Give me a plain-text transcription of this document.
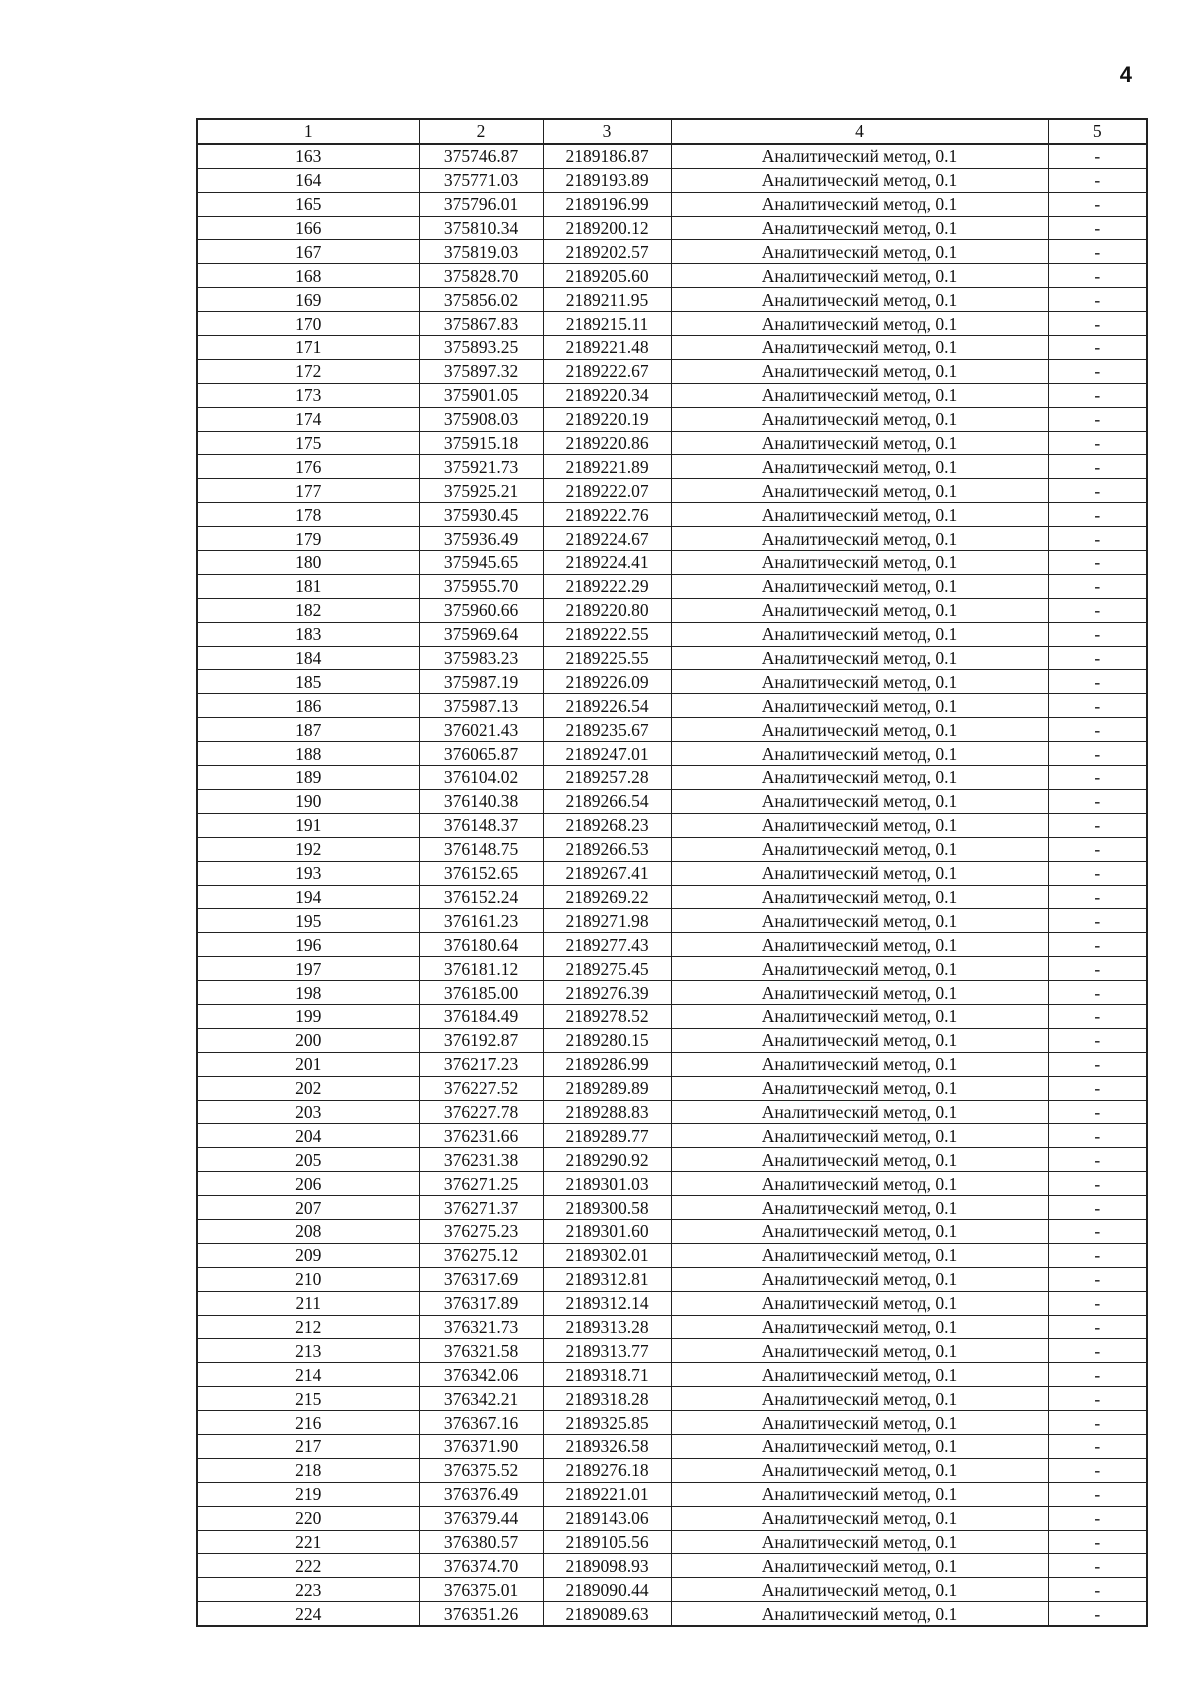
4
1	2	3	4	5
163	375746.87	2189186.87	Аналитический метод, 0.1	-
164	375771.03	2189193.89	Аналитический метод, 0.1	-
165	375796.01	2189196.99	Аналитический метод, 0.1	-
166	375810.34	2189200.12	Аналитический метод, 0.1	-
167	375819.03	2189202.57	Аналитический метод, 0.1	-
168	375828.70	2189205.60	Аналитический метод, 0.1	-
169	375856.02	2189211.95	Аналитический метод, 0.1	-
170	375867.83	2189215.11	Аналитический метод, 0.1	-
171	375893.25	2189221.48	Аналитический метод, 0.1	-
172	375897.32	2189222.67	Аналитический метод, 0.1	-
173	375901.05	2189220.34	Аналитический метод, 0.1	-
174	375908.03	2189220.19	Аналитический метод, 0.1	-
175	375915.18	2189220.86	Аналитический метод, 0.1	-
176	375921.73	2189221.89	Аналитический метод, 0.1	-
177	375925.21	2189222.07	Аналитический метод, 0.1	-
178	375930.45	2189222.76	Аналитический метод, 0.1	-
179	375936.49	2189224.67	Аналитический метод, 0.1	-
180	375945.65	2189224.41	Аналитический метод, 0.1	-
181	375955.70	2189222.29	Аналитический метод, 0.1	-
182	375960.66	2189220.80	Аналитический метод, 0.1	-
183	375969.64	2189222.55	Аналитический метод, 0.1	-
184	375983.23	2189225.55	Аналитический метод, 0.1	-
185	375987.19	2189226.09	Аналитический метод, 0.1	-
186	375987.13	2189226.54	Аналитический метод, 0.1	-
187	376021.43	2189235.67	Аналитический метод, 0.1	-
188	376065.87	2189247.01	Аналитический метод, 0.1	-
189	376104.02	2189257.28	Аналитический метод, 0.1	-
190	376140.38	2189266.54	Аналитический метод, 0.1	-
191	376148.37	2189268.23	Аналитический метод, 0.1	-
192	376148.75	2189266.53	Аналитический метод, 0.1	-
193	376152.65	2189267.41	Аналитический метод, 0.1	-
194	376152.24	2189269.22	Аналитический метод, 0.1	-
195	376161.23	2189271.98	Аналитический метод, 0.1	-
196	376180.64	2189277.43	Аналитический метод, 0.1	-
197	376181.12	2189275.45	Аналитический метод, 0.1	-
198	376185.00	2189276.39	Аналитический метод, 0.1	-
199	376184.49	2189278.52	Аналитический метод, 0.1	-
200	376192.87	2189280.15	Аналитический метод, 0.1	-
201	376217.23	2189286.99	Аналитический метод, 0.1	-
202	376227.52	2189289.89	Аналитический метод, 0.1	-
203	376227.78	2189288.83	Аналитический метод, 0.1	-
204	376231.66	2189289.77	Аналитический метод, 0.1	-
205	376231.38	2189290.92	Аналитический метод, 0.1	-
206	376271.25	2189301.03	Аналитический метод, 0.1	-
207	376271.37	2189300.58	Аналитический метод, 0.1	-
208	376275.23	2189301.60	Аналитический метод, 0.1	-
209	376275.12	2189302.01	Аналитический метод, 0.1	-
210	376317.69	2189312.81	Аналитический метод, 0.1	-
211	376317.89	2189312.14	Аналитический метод, 0.1	-
212	376321.73	2189313.28	Аналитический метод, 0.1	-
213	376321.58	2189313.77	Аналитический метод, 0.1	-
214	376342.06	2189318.71	Аналитический метод, 0.1	-
215	376342.21	2189318.28	Аналитический метод, 0.1	-
216	376367.16	2189325.85	Аналитический метод, 0.1	-
217	376371.90	2189326.58	Аналитический метод, 0.1	-
218	376375.52	2189276.18	Аналитический метод, 0.1	-
219	376376.49	2189221.01	Аналитический метод, 0.1	-
220	376379.44	2189143.06	Аналитический метод, 0.1	-
221	376380.57	2189105.56	Аналитический метод, 0.1	-
222	376374.70	2189098.93	Аналитический метод, 0.1	-
223	376375.01	2189090.44	Аналитический метод, 0.1	-
224	376351.26	2189089.63	Аналитический метод, 0.1	-
